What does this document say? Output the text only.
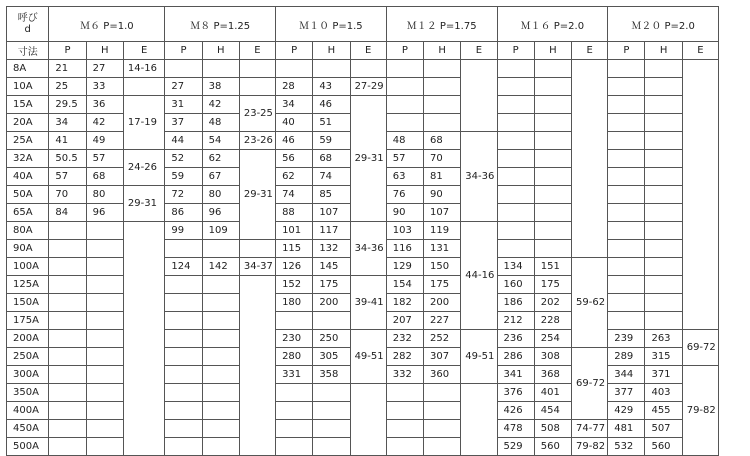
呼び
d	Ｍ６ P=1.0			Ｍ８ P=1.25			Ｍ１０ P=1.5			Ｍ１２ P=1.75			Ｍ１６ P=2.0			Ｍ２０ P=2.0		
寸法	P	H	E	P	H	E	P	H	E	P	H	E	P	H	E	P	H	E
8A	21	27	14-16															
10A	25	33		27	38		28	43	27-29									
15A	29.5	36	17-19	31	42	23-25	34	46	29-31									
20A	34	42		37	48		40	51										
25A	41	49		44	54	23-26	46	59		48	68	34-36						
32A	50.5	57	24-26	52	62	29-31	56	68		57	70							
40A	57	68		59	67		62	74		63	81							
50A	70	80	29-31	72	80		74	85		76	90							
65A	84	96		86	96		88	107		90	107							
80A				99	109		101	117	34-36	103	119	44-16						
90A							115	132		116	131							
100A				124	142	34-37	126	145		129	150		134	151	59-62			
125A							152	175	39-41	154	175		160	175				
150A							180	200		182	200		186	202				
175A										207	227		212	228				
200A							230	250	49-51	232	252	49-51	236	254		239	263	69-72
250A							280	305		282	307		286	308	69-72	289	315	
300A							331	358		332	360		341	368		344	371	79-82
350A													376	401		377	403	
400A													426	454		429	455	
450A													478	508	74-77	481	507	
500A													529	560	79-82	532	560	
